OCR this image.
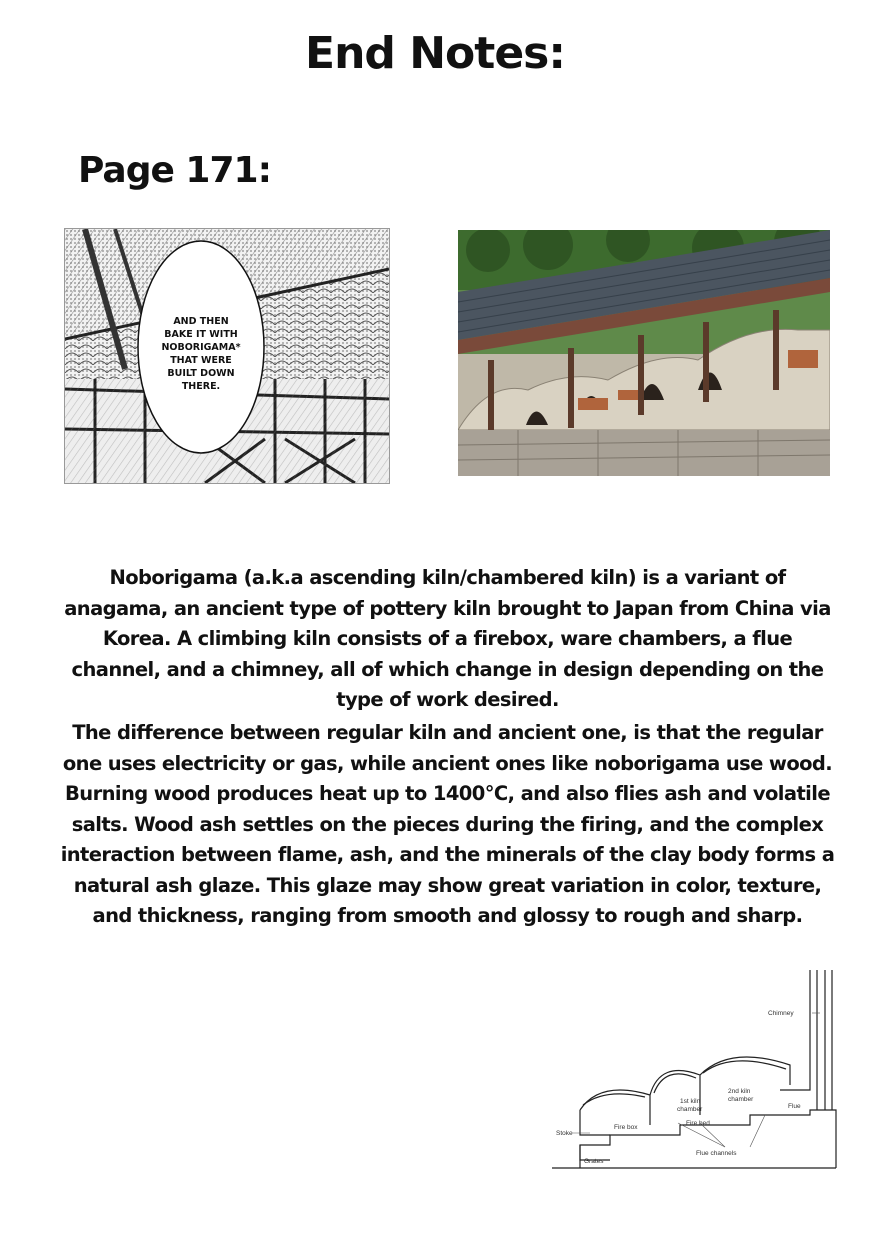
End Notes:
Page 171:
AND THEN
BAKE IT WITH
NOBORIGAMA*
THAT WERE
BUILT DOWN
THERE.

Noborigama (a.k.a ascending kiln/chambered kiln) is a variant of anagama, an ancient type of pottery kiln brought to Japan from China via Korea. A climbing kiln consists of a firebox, ware chambers, a flue channel, and a chimney, all of which change in design depending on the type of work desired.

The difference between regular kiln and ancient one, is that the regular one uses electricity or gas, while ancient ones like noborigama use wood. Burning wood produces heat up to 1400°C, and also flies ash and volatile salts. Wood ash settles on the pieces during the firing, and the complex interaction between flame, ash, and the minerals of the clay body forms a natural ash glaze. This glaze may show great variation in color, texture, and thickness, ranging from smooth and glossy to rough and sharp.

Chimney
2nd kiln
chamber
1st kiln
chamber	Flue
Fire box
Fire bed
Stoke
Grates
Flue channels
